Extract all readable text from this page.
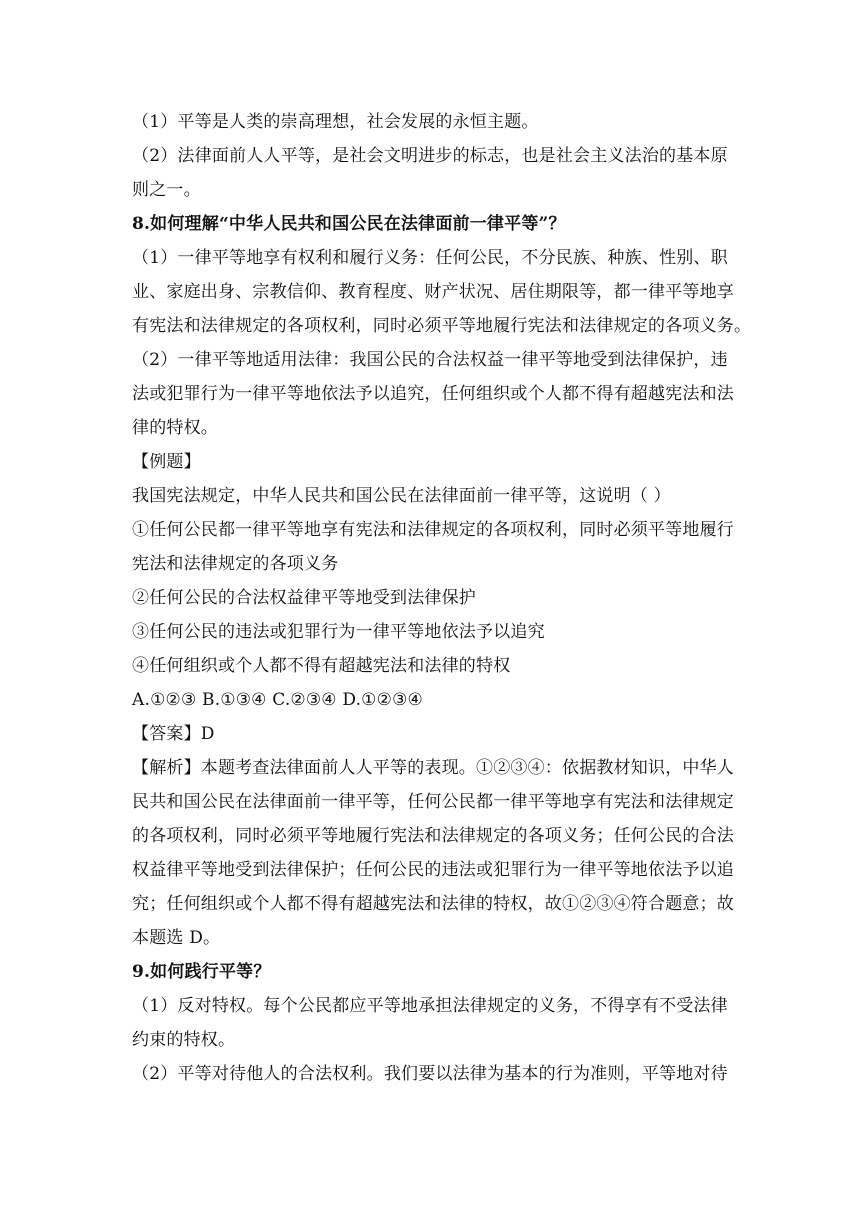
（1）平等是人类的崇高理想，社会发展的永恒主题。
（2）法律面前人人平等，是社会文明进步的标志，也是社会主义法治的基本原
则之一。
8.如何理解“中华人民共和国公民在法律面前一律平等”？
（1）一律平等地享有权利和履行义务：任何公民，不分民族、种族、性别、职
业、家庭出身、宗教信仰、教育程度、财产状况、居住期限等，都一律平等地享
有宪法和法律规定的各项权利，同时必须平等地履行宪法和法律规定的各项义务。
（2）一律平等地适用法律：我国公民的合法权益一律平等地受到法律保护，违
法或犯罪行为一律平等地依法予以追究，任何组织或个人都不得有超越宪法和法
律的特权。
【例题】
我国宪法规定，中华人民共和国公民在法律面前一律平等，这说明（ ）
①任何公民都一律平等地享有宪法和法律规定的各项权利，同时必须平等地履行
宪法和法律规定的各项义务
②任何公民的合法权益律平等地受到法律保护
③任何公民的违法或犯罪行为一律平等地依法予以追究
④任何组织或个人都不得有超越宪法和法律的特权
A.①②③ B.①③④ C.②③④ D.①②③④
【答案】D
【解析】本题考查法律面前人人平等的表现。①②③④：依据教材知识，中华人
民共和国公民在法律面前一律平等，任何公民都一律平等地享有宪法和法律规定
的各项权利，同时必须平等地履行宪法和法律规定的各项义务；任何公民的合法
权益律平等地受到法律保护；任何公民的违法或犯罪行为一律平等地依法予以追
究；任何组织或个人都不得有超越宪法和法律的特权，故①②③④符合题意；故
本题选 D。
9.如何践行平等？
（1）反对特权。每个公民都应平等地承担法律规定的义务，不得享有不受法律
约束的特权。
（2）平等对待他人的合法权利。我们要以法律为基本的行为准则，平等地对待
